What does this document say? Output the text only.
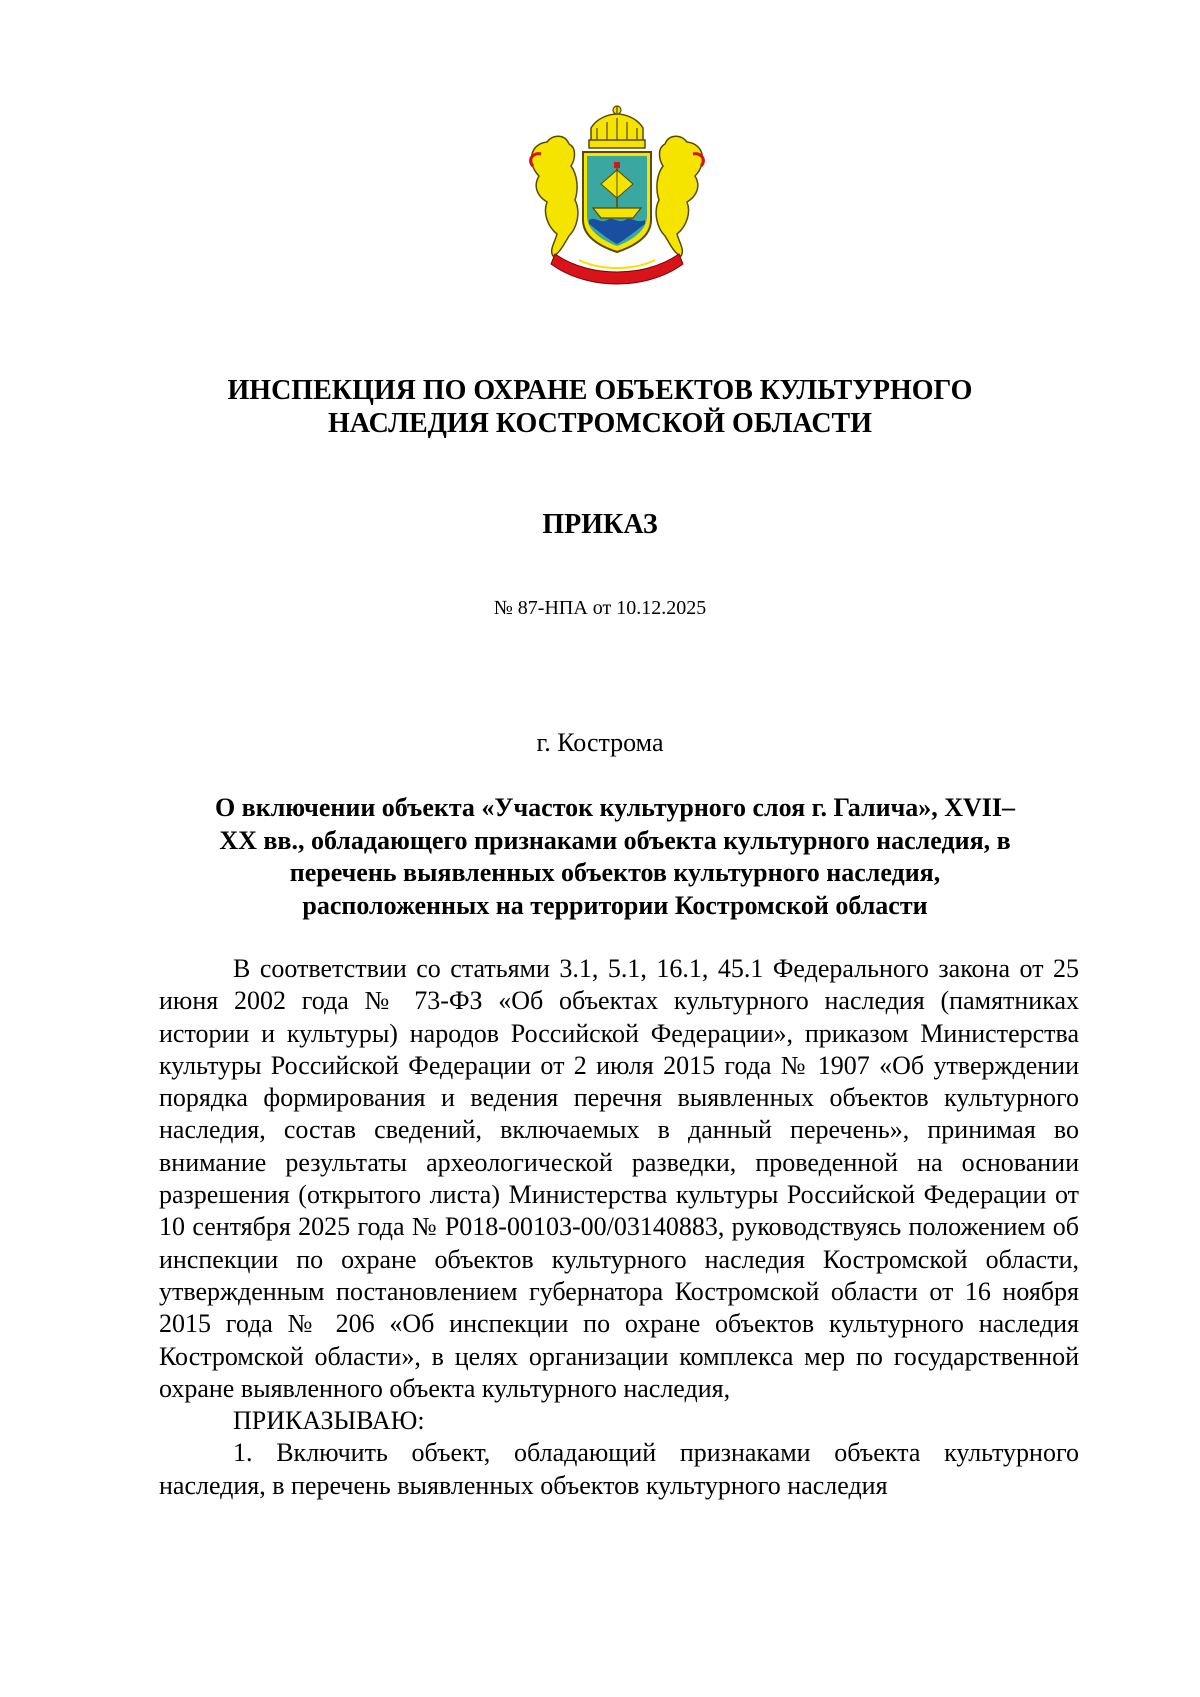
ИНСПЕКЦИЯ ПО ОХРАНЕ ОБЪЕКТОВ КУЛЬТУРНОГО
НАСЛЕДИЯ КОСТРОМСКОЙ ОБЛАСТИ
ПРИКАЗ
№ 87-НПА от 10.12.2025
г. Кострома
О включении объекта «Участок культурного слоя г. Галича», XVII–
XX вв., обладающего признаками объекта культурного наследия, в
перечень выявленных объектов культурного наследия,
расположенных на территории Костромской области

В соответствии со статьями 3.1, 5.1, 16.1, 45.1 Федерального закона от 25 июня 2002 года № 73-ФЗ «Об объектах культурного наследия (памятниках истории и культуры) народов Российской Федерации», приказом Министерства культуры Российской Федерации от 2 июля 2015 года № 1907 «Об утверждении порядка формирования и ведения перечня выявленных объектов культурного наследия, состав сведений, включаемых в данный перечень», принимая во внимание результаты археологической разведки, проведенной на основании разрешения (открытого листа) Министерства культуры Российской Федерации от 10 сентября 2025 года № Р018-00103-00/03140883, руководствуясь положением об инспекции по охране объектов культурного наследия Костромской области, утвержденным постановлением губернатора Костромской области от 16 ноября 2015 года № 206 «Об инспекции по охране объектов культурного наследия Костромской области», в целях организации комплекса мер по государственной охране выявленного объекта культурного наследия,

ПРИКАЗЫВАЮ:

1. Включить объект, обладающий признаками объекта культурного наследия, в перечень выявленных объектов культурного наследия
